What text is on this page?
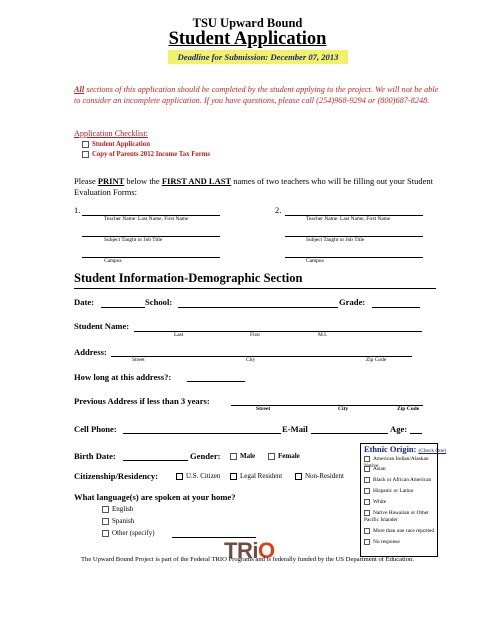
TSU Upward Bound
Student Application
Deadline for Submission: December 07, 2013
All sections of this application should be completed by the student applying to the project. We will not be able to consider an incomplete application. If you have questions, please call (254)968-9294 or (800)687-8248.
Application Checklist:
Student Application
Copy of Parents 2012 Income Tax Forms
Please PRINT below the FIRST AND LAST names of two teachers who will be filling out your Student Evaluation Forms:
1.
Teacher Name: Last Name, First Name
2.
Teacher Name: Last Name, First Name
Subject Taught or Job Title	Subject Taught or Job Title
Campus	Campus
Student Information-Demographic Section
Date:	School:	Grade:
Student Name:
Last	First	M.I.
Address:
Street	City	Zip Code
How long at this address?:
Previous Address if less than 3 years:
Street	City	Zip Code
Cell Phone:	E-Mail	Age:
Birth Date:	Gender:	Male	Female
Citizenship/Residency:	U.S. Citizen	Legal Resident	Non-Resident
What language(s) are spoken at your home?
English
Spanish
Other (specify)
Ethnic Origin: (Check One)
American Indian/Alaskan Native
Asian
Black or African American
Hispanic or Latino
White
Native Hawaiian or Other Pacific Islander
More than one race reported
No response
TRiO
The Upward Bound Project is part of the Federal TRIO Programs and is federally funded by the US Department of Education.
